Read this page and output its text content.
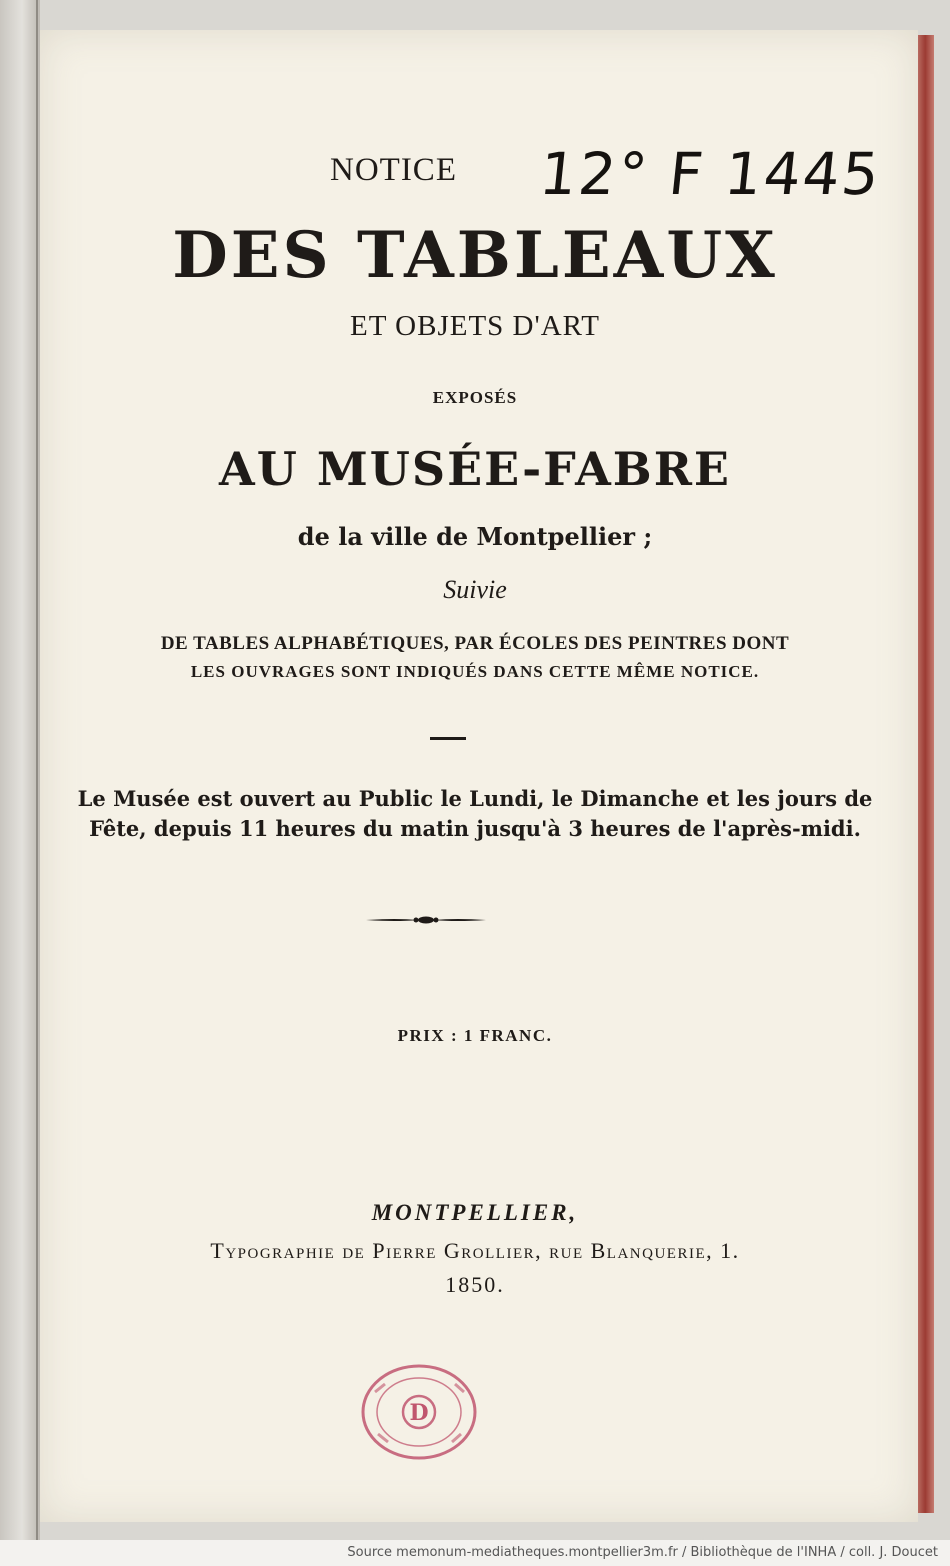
NOTICE	12° F 1445
DES TABLEAUX
ET OBJETS D'ART
EXPOSÉS
AU MUSÉE-FABRE
de la ville de Montpellier ;
Suivie
DE TABLES ALPHABÉTIQUES, PAR ÉCOLES DES PEINTRES DONT
LES OUVRAGES SONT INDIQUÉS DANS CETTE MÊME NOTICE.
Le Musée est ouvert au Public le Lundi, le Dimanche et les jours de
Fête, depuis 11 heures du matin jusqu'à 3 heures de l'après-midi.
PRIX : 1 FRANC.
MONTPELLIER,
Typographie de Pierre Grollier, rue Blanquerie, 1.
1850.
D
Source memonum-mediatheques.montpellier3m.fr / Bibliothèque de l'INHA / coll. J. Doucet
